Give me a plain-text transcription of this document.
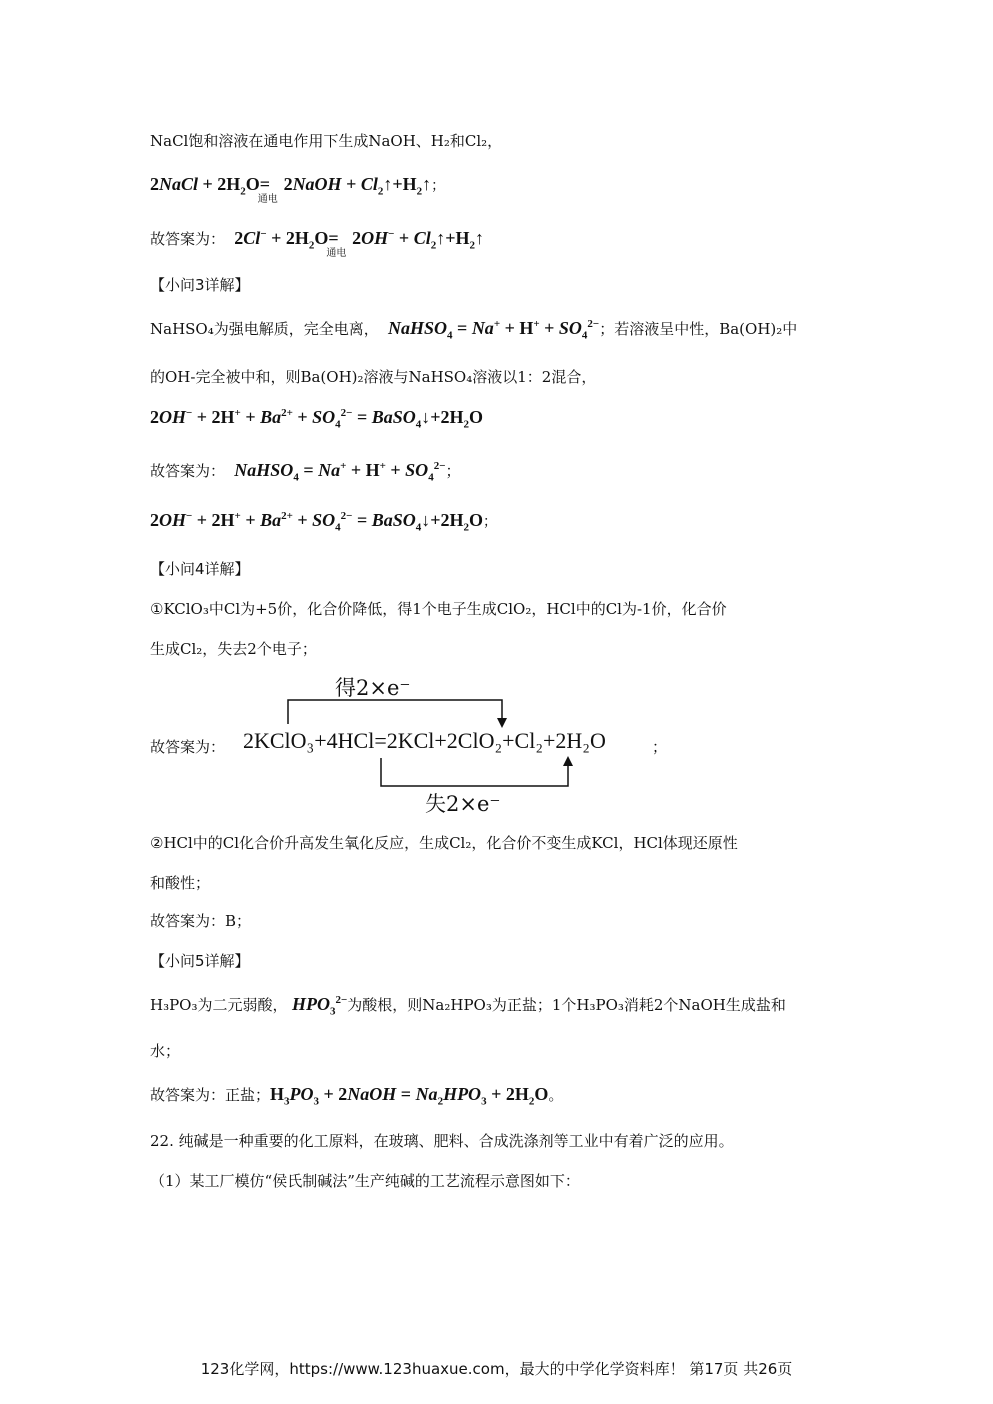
NaCl饱和溶液在通电作用下生成NaOH、H₂和Cl₂，
2NaCl + $2H_2O=$
通电
2NaOH + $Cl_2↑+H_2↑$；
故答案为：  $2Cl^- + 2H_2O=$
通电
$2OH^- + Cl_2↑+H_2↑$
【小问3详解】
NaHSO₄为强电解质，完全电离， NaHSO$_4$ = $Na^+ + H^+ + SO_4^{2-}$；若溶液呈中性，Ba(OH)₂中
的OH-完全被中和，则Ba(OH)₂溶液与NaHSO₄溶液以1：2混合，
$2OH^- + 2H^+ + Ba^{2+} + SO_4^{2-}$ = $BaSO_4↓+2H_2O$
故答案为： NaHSO$_4$ = $Na^+ + H^+ + SO_4^{2-}$；
$2OH^- + 2H^+ + Ba^{2+} + SO_4^{2-}$ = $BaSO_4↓+2H_2O$；
【小问4详解】
①KClO₃中Cl为+5价，化合价降低，得1个电子生成ClO₂，HCl中的Cl为-1价，化合价
生成Cl₂，失去2个电子；
得2×e⁻
故答案为： 2KClO₃+4HCl=2KCl+2ClO₂+Cl₂+2H₂O	；
失2×e⁻
②HCl中的Cl化合价升高发生氧化反应，生成Cl₂，化合价不变生成KCl，HCl体现还原性
和酸性；
故答案为：B；
【小问5详解】
H₃PO₃为二元弱酸， $HPO_3^{2-}$为酸根，则Na₂HPO₃为正盐；1个H₃PO₃消耗2个NaOH生成盐和
水；
故答案为：正盐；$H_3PO_3$ + 2NaOH = $Na_2HPO_3 + 2H_2O$。
22. 纯碱是一种重要的化工原料，在玻璃、肥料、合成洗涤剂等工业中有着广泛的应用。
（1）某工厂模仿“侯氏制碱法”生产纯碱的工艺流程示意图如下：
123化学网，https://www.123huaxue.com，最大的中学化学资料库！ 第17页 共26页
